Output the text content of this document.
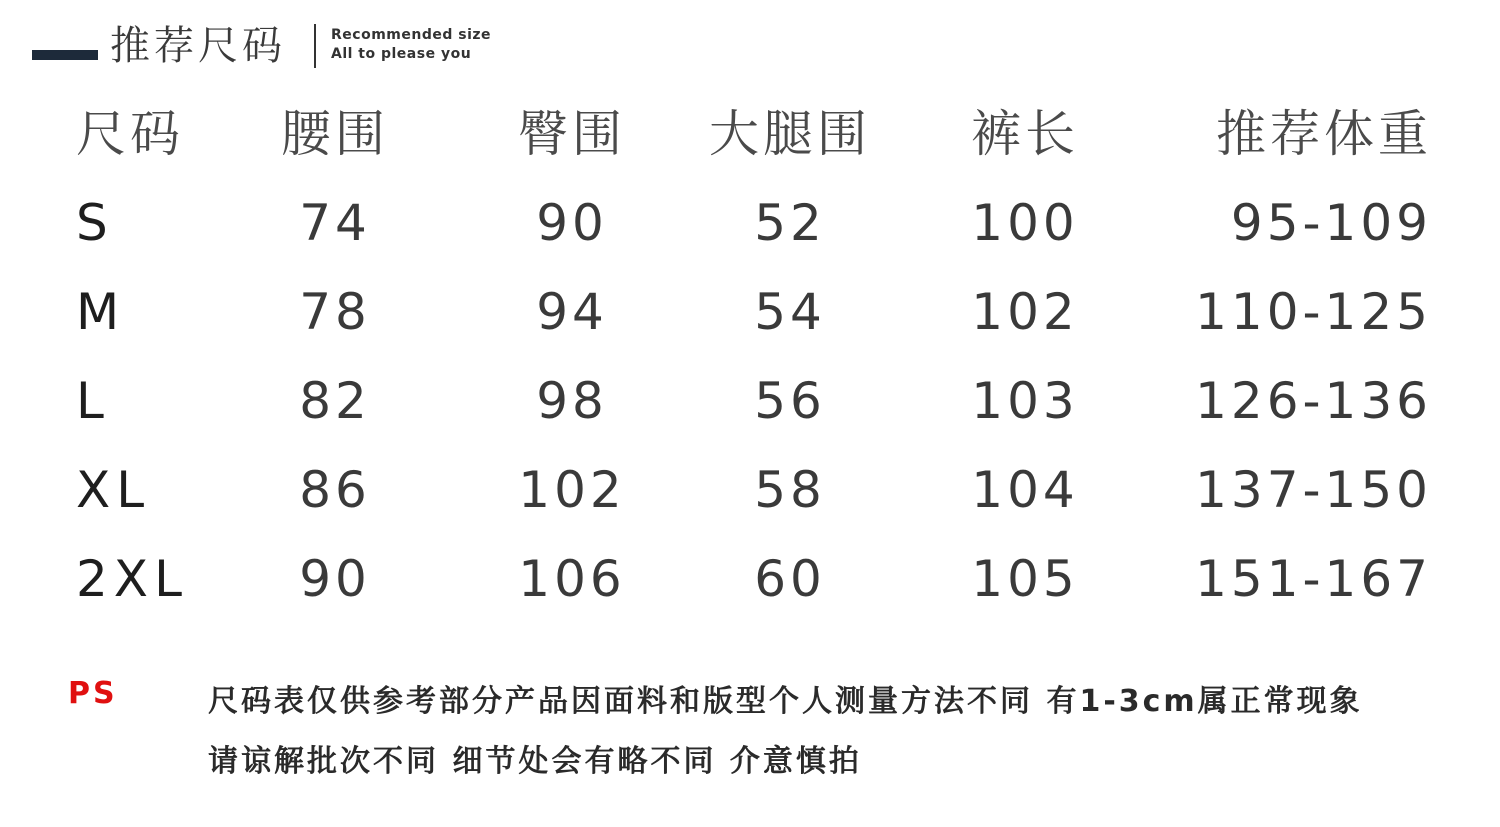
推荐尺码	Recommended size
All to please you
尺码	腰围	臀围	大腿围	裤长	推荐体重
S	74	90	52	100	95-109
M	78	94	54	102	110-125
L	82	98	56	103	126-136
XL	86	102	58	104	137-150
2XL	90	106	60	105	151-167
PS	尺码表仅供参考部分产品因面料和版型个人测量方法不同 有1-3cm属正常现象
请谅解批次不同 细节处会有略不同 介意慎拍
